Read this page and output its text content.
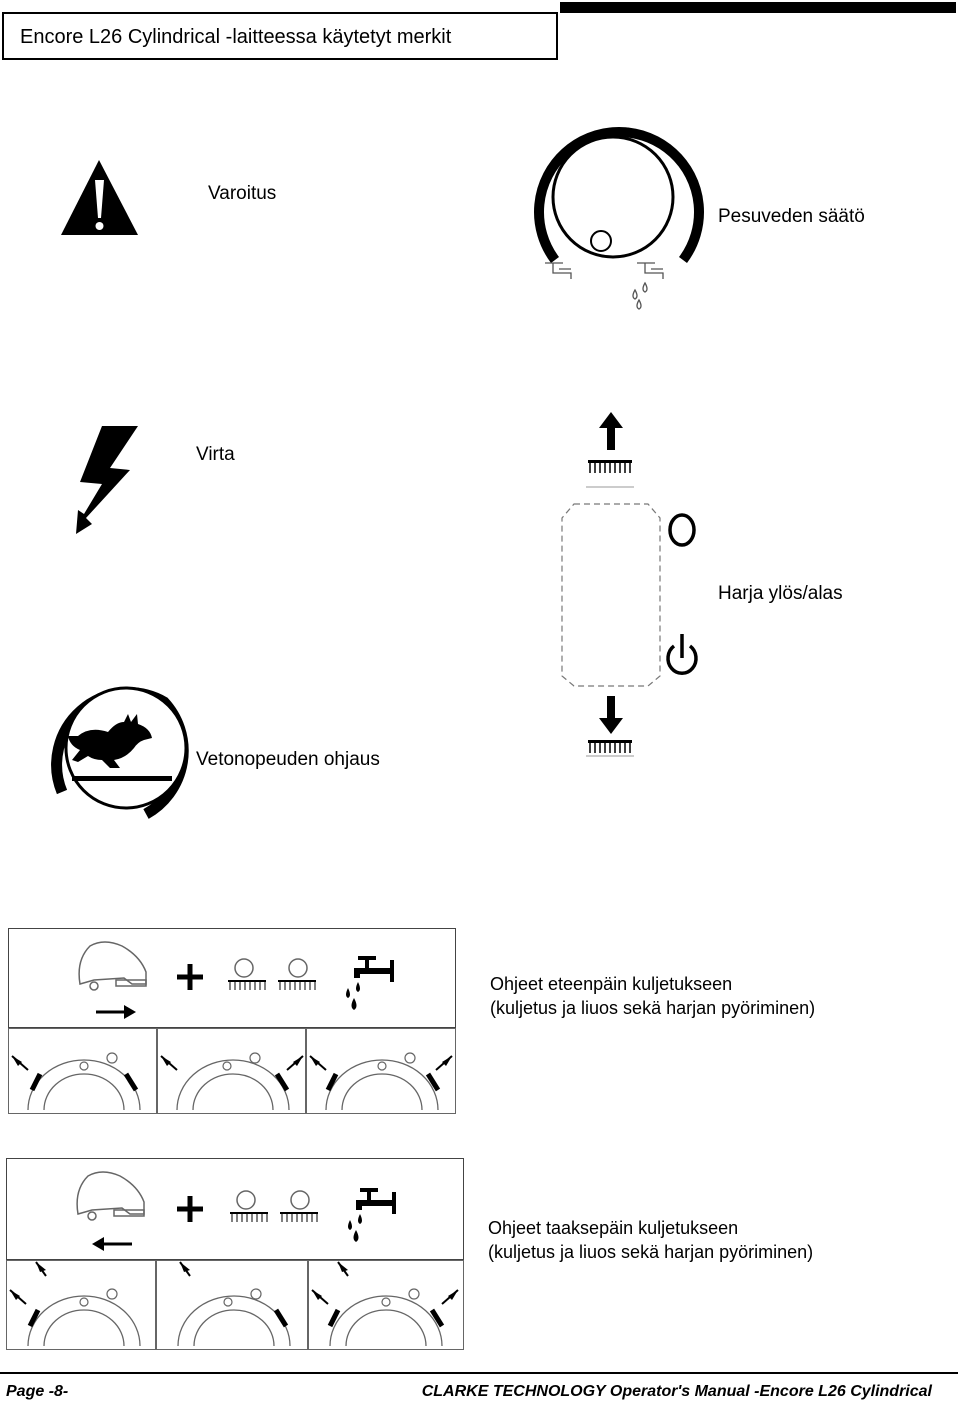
Encore L26 Cylindrical -laitteessa käytetyt merkit
Varoitus
Pesuveden säätö
Virta
Harja ylös/alas
Vetonopeuden ohjaus
Ohjeet eteenpäin kuljetukseen
(kuljetus ja liuos sekä harjan pyöriminen)
Ohjeet taaksepäin kuljetukseen
(kuljetus ja liuos sekä harjan pyöriminen)
Page -8-	CLARKE TECHNOLOGY Operator's Manual -Encore L26 Cylindrical
